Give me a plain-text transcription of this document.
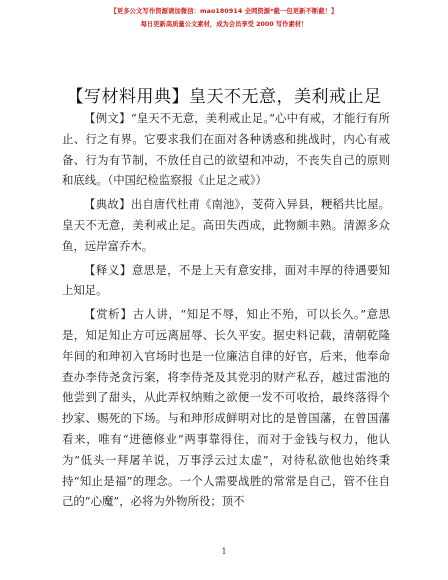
【更多公文写作资源请加微信：mao180914 全网资源*截一包更新不断截！】
每日更新高质量公文素材，成为会员享受 2000 写作素材！
【写材料用典】皇天不无意，美利戒止足

【例文】“皇天不无意，美利戒止足。”心中有戒，才能行有所止、行之有界。它要求我们在面对各种诱惑和挑战时，内心有戒备、行为有节制，不放任自己的欲望和冲动，不丧失自己的原则和底线。（中国纪检监察报《止足之戒》）

【典故】出自唐代杜甫《南池》，芰荷入异县，粳稻共比屋。皇天不无意，美利戒止足。高田失西成，此物颇丰熟。清源多众鱼，远岸富乔木。

【释义】意思是，不是上天有意安排，面对丰厚的待遇要知上知足。

【赏析】古人讲，“知足不辱，知止不殆，可以长久。”意思是，知足知止方可远离屈辱、长久平安。据史料记载，清朝乾隆年间的和珅初入官场时也是一位廉洁自律的好官，后来，他奉命查办李侍尧贪污案，将李侍尧及其党羽的财产私吞，越过雷池的他尝到了甜头，从此弄权纳贿之欲便一发不可收拾，最终落得个抄家、赐死的下场。与和珅形成鲜明对比的是曾国藩，在曾国藩看来，唯有“进德修业”两事靠得住，而对于金钱与权力，他认为“低头一拜屠羊说，万事浮云过太虚”，对待私欲他也始终秉持“知止是福”的理念。一个人需要战胜的常常是自己，管不住自己的“心魔”，必将为外物所役；顶不

1
